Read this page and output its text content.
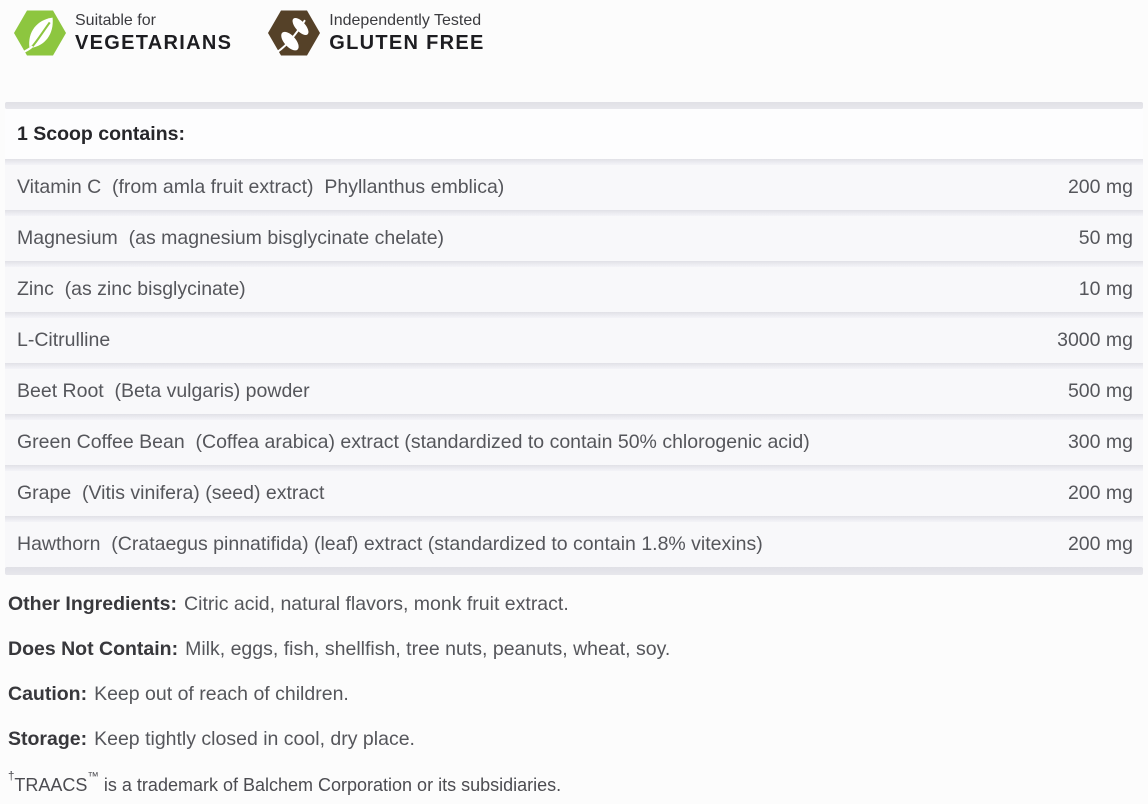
Suitable for
VEGETARIANS
Independently Tested
GLUTEN FREE
1 Scoop contains:
Vitamin C  (from amla fruit extract)  Phyllanthus emblica)	200 mg
Magnesium  (as magnesium bisglycinate chelate)	50 mg
Zinc  (as zinc bisglycinate)	10 mg
L-Citrulline	3000 mg
Beet Root  (Beta vulgaris) powder	500 mg
Green Coffee Bean  (Coffea arabica) extract (standardized to contain 50% chlorogenic acid)	300 mg
Grape  (Vitis vinifera) (seed) extract	200 mg
Hawthorn  (Crataegus pinnatifida) (leaf) extract (standardized to contain 1.8% vitexins)	200 mg
Other Ingredients: Citric acid, natural flavors, monk fruit extract.
Does Not Contain: Milk, eggs, fish, shellfish, tree nuts, peanuts, wheat, soy.
Caution: Keep out of reach of children.
Storage: Keep tightly closed in cool, dry place.
†TRAACS™ is a trademark of Balchem Corporation or its subsidiaries.
